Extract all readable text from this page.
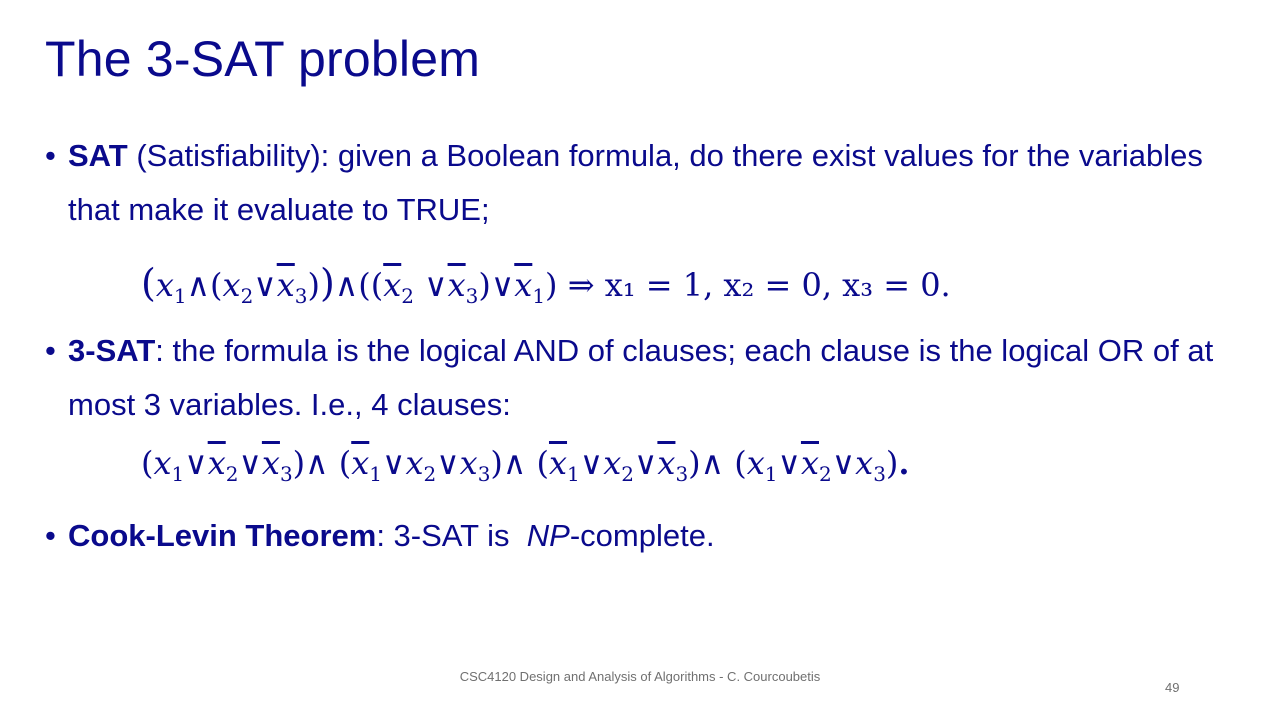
The 3-SAT problem
• SAT (Satisfiability): given a Boolean formula, do there exist values for the variables that make it evaluate to TRUE;
$(x_1\wedge(x_2\vee\overline{x}_3))\wedge((\overline{x}_2$ $\vee\overline{x}_3)\vee\overline{x}_1$) ⇒ x₁ = 1, x₂ = 0, x₃ = 0.
• 3-SAT: the formula is the logical AND of clauses; each clause is the logical OR of at most 3 variables. I.e., 4 clauses:
$(x_1\vee\overline{x}_2\vee\overline{x}_3)\wedge$ $(\overline{x}_1\vee x_2\vee x_3)\wedge$ $(\overline{x}_1\vee x_2\vee\overline{x}_3)\wedge$ $(x_1\vee\overline{x}_2\vee x_3)$.
• Cook-Levin Theorem: 3-SAT is  NP-complete.
CSC4120 Design and Analysis of Algorithms - C. Courcoubetis
49
